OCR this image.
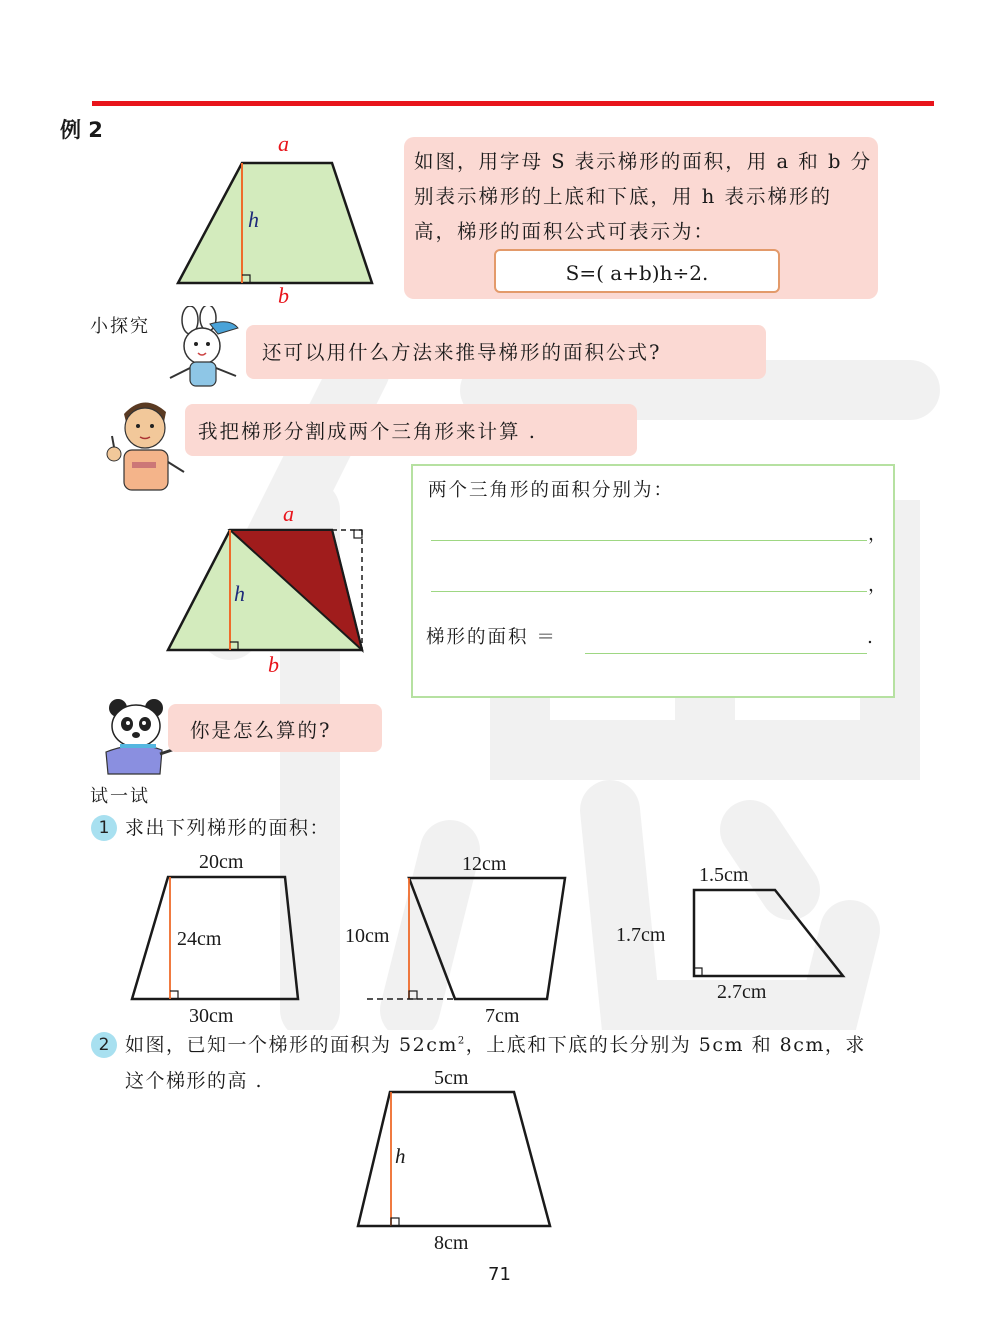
例 2
a
h
b
如图，用字母 S 表示梯形的面积，用 a 和 b 分别表示梯形的上底和下底，用 h 表示梯形的高，梯形的面积公式可表示为：
S=( a+b)h÷2.
小探究
还可以用什么方法来推导梯形的面积公式?
我把梯形分割成两个三角形来计算 .
a
h
b
两个三角形的面积分别为：
，
，
梯形的面积 ＝	.
你是怎么算的?
试一试
1 求出下列梯形的面积：
20cm
24cm
30cm
12cm
10cm
7cm
1.5cm
1.7cm
2.7cm
2 如图，已知一个梯形的面积为 $52cm^2$，上底和下底的长分别为 5cm 和 8cm，求
这个梯形的高 .	5cm
h
8cm
71
